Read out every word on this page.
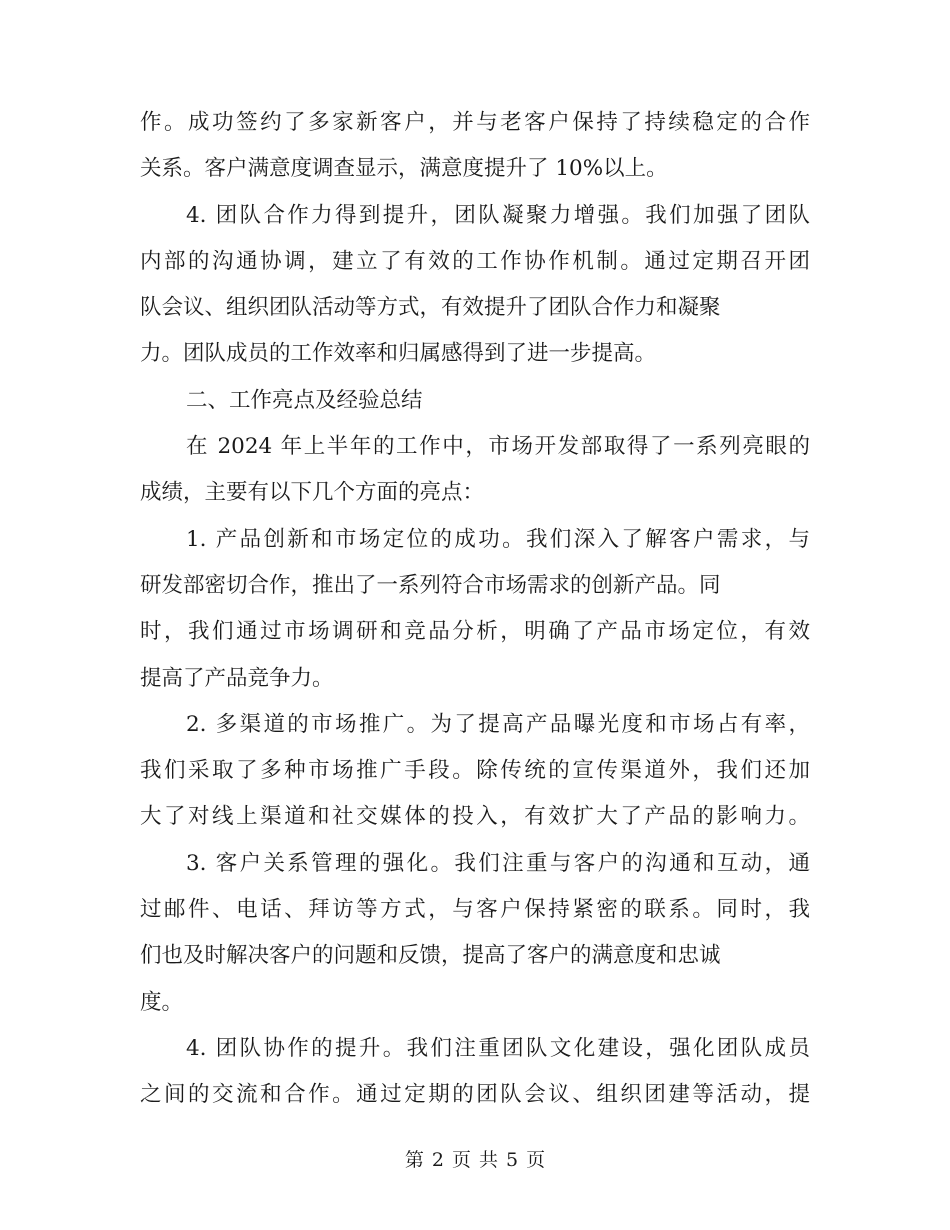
作。成功签约了多家新客户，并与老客户保持了持续稳定的合作
关系。客户满意度调查显示，满意度提升了 10%以上。
4. 团队合作力得到提升，团队凝聚力增强。我们加强了团队
内部的沟通协调，建立了有效的工作协作机制。通过定期召开团
队会议、组织团队活动等方式，有效提升了团队合作力和凝聚
力。团队成员的工作效率和归属感得到了进一步提高。
二、工作亮点及经验总结
在 2024 年上半年的工作中，市场开发部取得了一系列亮眼的
成绩，主要有以下几个方面的亮点：
1. 产品创新和市场定位的成功。我们深入了解客户需求，与
研发部密切合作，推出了一系列符合市场需求的创新产品。同
时，我们通过市场调研和竞品分析，明确了产品市场定位，有效
提高了产品竞争力。
2. 多渠道的市场推广。为了提高产品曝光度和市场占有率，
我们采取了多种市场推广手段。除传统的宣传渠道外，我们还加
大了对线上渠道和社交媒体的投入，有效扩大了产品的影响力。
3. 客户关系管理的强化。我们注重与客户的沟通和互动，通
过邮件、电话、拜访等方式，与客户保持紧密的联系。同时，我
们也及时解决客户的问题和反馈，提高了客户的满意度和忠诚
度。
4. 团队协作的提升。我们注重团队文化建设，强化团队成员
之间的交流和合作。通过定期的团队会议、组织团建等活动，提
第 2 页 共 5 页
